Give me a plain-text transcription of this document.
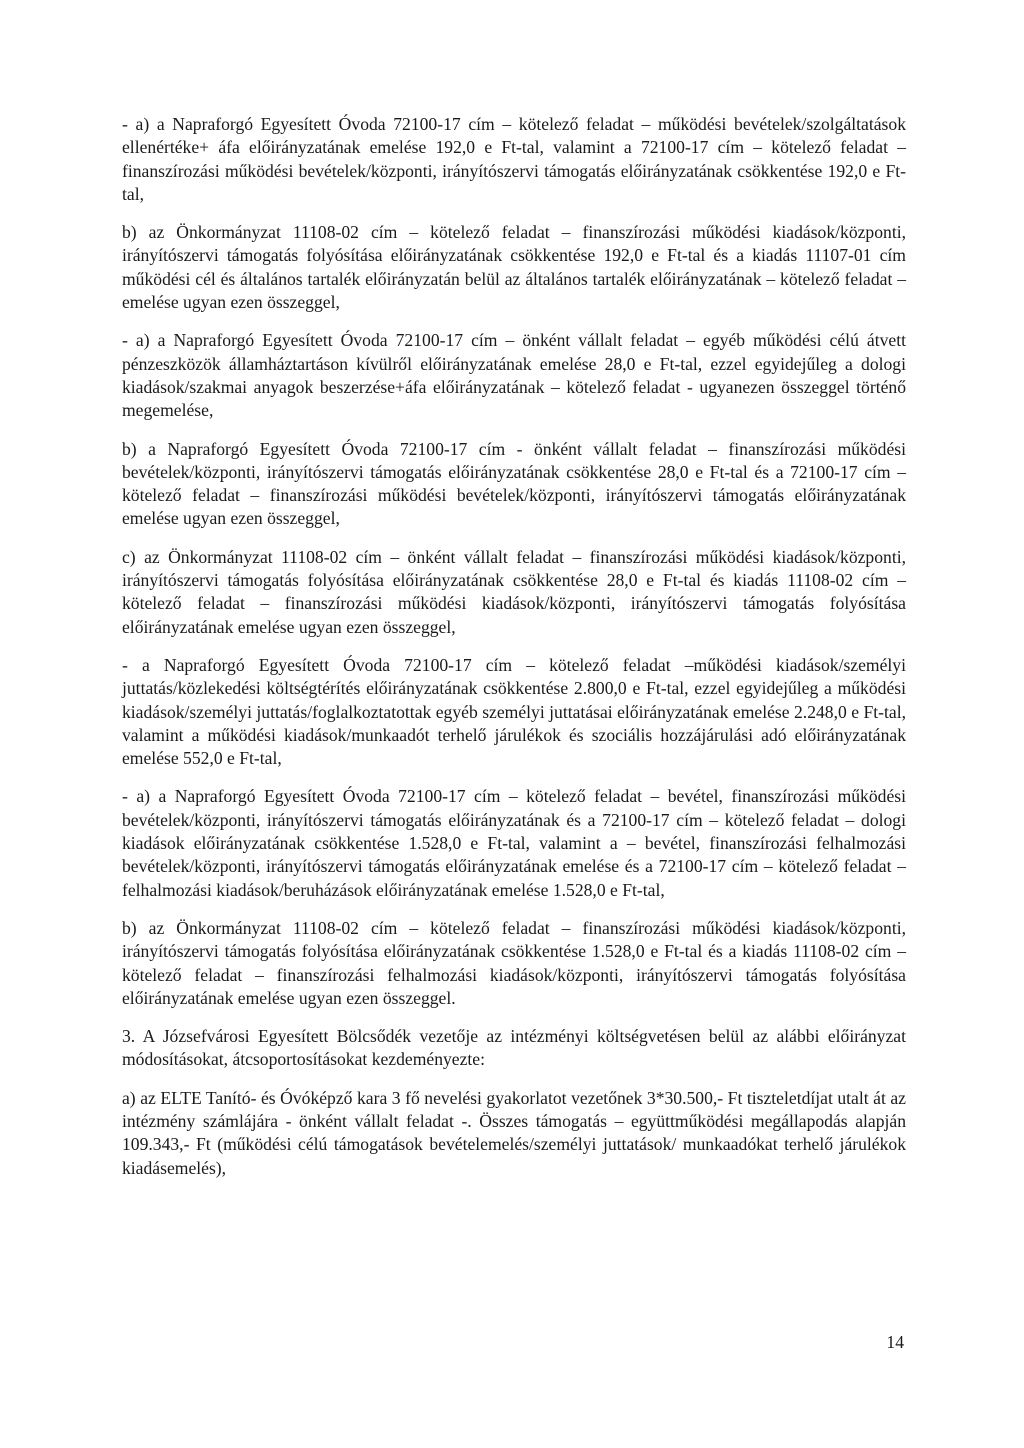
- a) a Napraforgó Egyesített Óvoda 72100-17 cím – kötelező feladat – működési bevételek/szolgáltatások ellenértéke+ áfa előirányzatának emelése 192,0 e Ft-tal, valamint a 72100-17 cím – kötelező feladat – finanszírozási működési bevételek/központi, irányítószervi támogatás előirányzatának csökkentése 192,0 e Ft-tal,

b) az Önkormányzat 11108-02 cím – kötelező feladat – finanszírozási működési kiadások/központi, irányítószervi támogatás folyósítása előirányzatának csökkentése 192,0 e Ft-tal és a kiadás 11107-01 cím működési cél és általános tartalék előirányzatán belül az általános tartalék előirányzatának – kötelező feladat – emelése ugyan ezen összeggel,

- a) a Napraforgó Egyesített Óvoda 72100-17 cím – önként vállalt feladat – egyéb működési célú átvett pénzeszközök államháztartáson kívülről előirányzatának emelése 28,0 e Ft-tal, ezzel egyidejűleg a dologi kiadások/szakmai anyagok beszerzése+áfa előirányzatának – kötelező feladat - ugyanezen összeggel történő megemelése,

b) a Napraforgó Egyesített Óvoda 72100-17 cím - önként vállalt feladat – finanszírozási működési bevételek/központi, irányítószervi támogatás előirányzatának csökkentése 28,0 e Ft-tal és a 72100-17 cím – kötelező feladat – finanszírozási működési bevételek/központi, irányítószervi támogatás előirányzatának emelése ugyan ezen összeggel,

c) az Önkormányzat 11108-02 cím – önként vállalt feladat – finanszírozási működési kiadások/központi, irányítószervi támogatás folyósítása előirányzatának csökkentése 28,0 e Ft-tal és kiadás 11108-02 cím – kötelező feladat – finanszírozási működési kiadások/központi, irányítószervi támogatás folyósítása előirányzatának emelése ugyan ezen összeggel,

- a Napraforgó Egyesített Óvoda 72100-17 cím – kötelező feladat –működési kiadások/személyi juttatás/közlekedési költségtérítés előirányzatának csökkentése 2.800,0 e Ft-tal, ezzel egyidejűleg a működési kiadások/személyi juttatás/foglalkoztatottak egyéb személyi juttatásai előirányzatának emelése 2.248,0 e Ft-tal, valamint a működési kiadások/munkaadót terhelő járulékok és szociális hozzájárulási adó előirányzatának emelése 552,0 e Ft-tal,

- a) a Napraforgó Egyesített Óvoda 72100-17 cím – kötelező feladat – bevétel, finanszírozási működési bevételek/központi, irányítószervi támogatás előirányzatának és a 72100-17 cím – kötelező feladat – dologi kiadások előirányzatának csökkentése 1.528,0 e Ft-tal, valamint a – bevétel, finanszírozási felhalmozási bevételek/központi, irányítószervi támogatás előirányzatának emelése és a 72100-17 cím – kötelező feladat – felhalmozási kiadások/beruházások előirányzatának emelése 1.528,0 e Ft-tal,

b) az Önkormányzat 11108-02 cím – kötelező feladat – finanszírozási működési kiadások/központi, irányítószervi támogatás folyósítása előirányzatának csökkentése 1.528,0 e Ft-tal és a kiadás 11108-02 cím – kötelező feladat – finanszírozási felhalmozási kiadások/központi, irányítószervi támogatás folyósítása előirányzatának emelése ugyan ezen összeggel.

3. A Józsefvárosi Egyesített Bölcsődék vezetője az intézményi költségvetésen belül az alábbi előirányzat módosításokat, átcsoportosításokat kezdeményezte:

a) az ELTE Tanító- és Óvóképző kara 3 fő nevelési gyakorlatot vezetőnek 3*30.500,- Ft tiszteletdíjat utalt át az intézmény számlájára - önként vállalt feladat -. Összes támogatás – együttműködési megállapodás alapján 109.343,- Ft (működési célú támogatások bevételemelés/személyi juttatások/ munkaadókat terhelő járulékok kiadásemelés),

14
